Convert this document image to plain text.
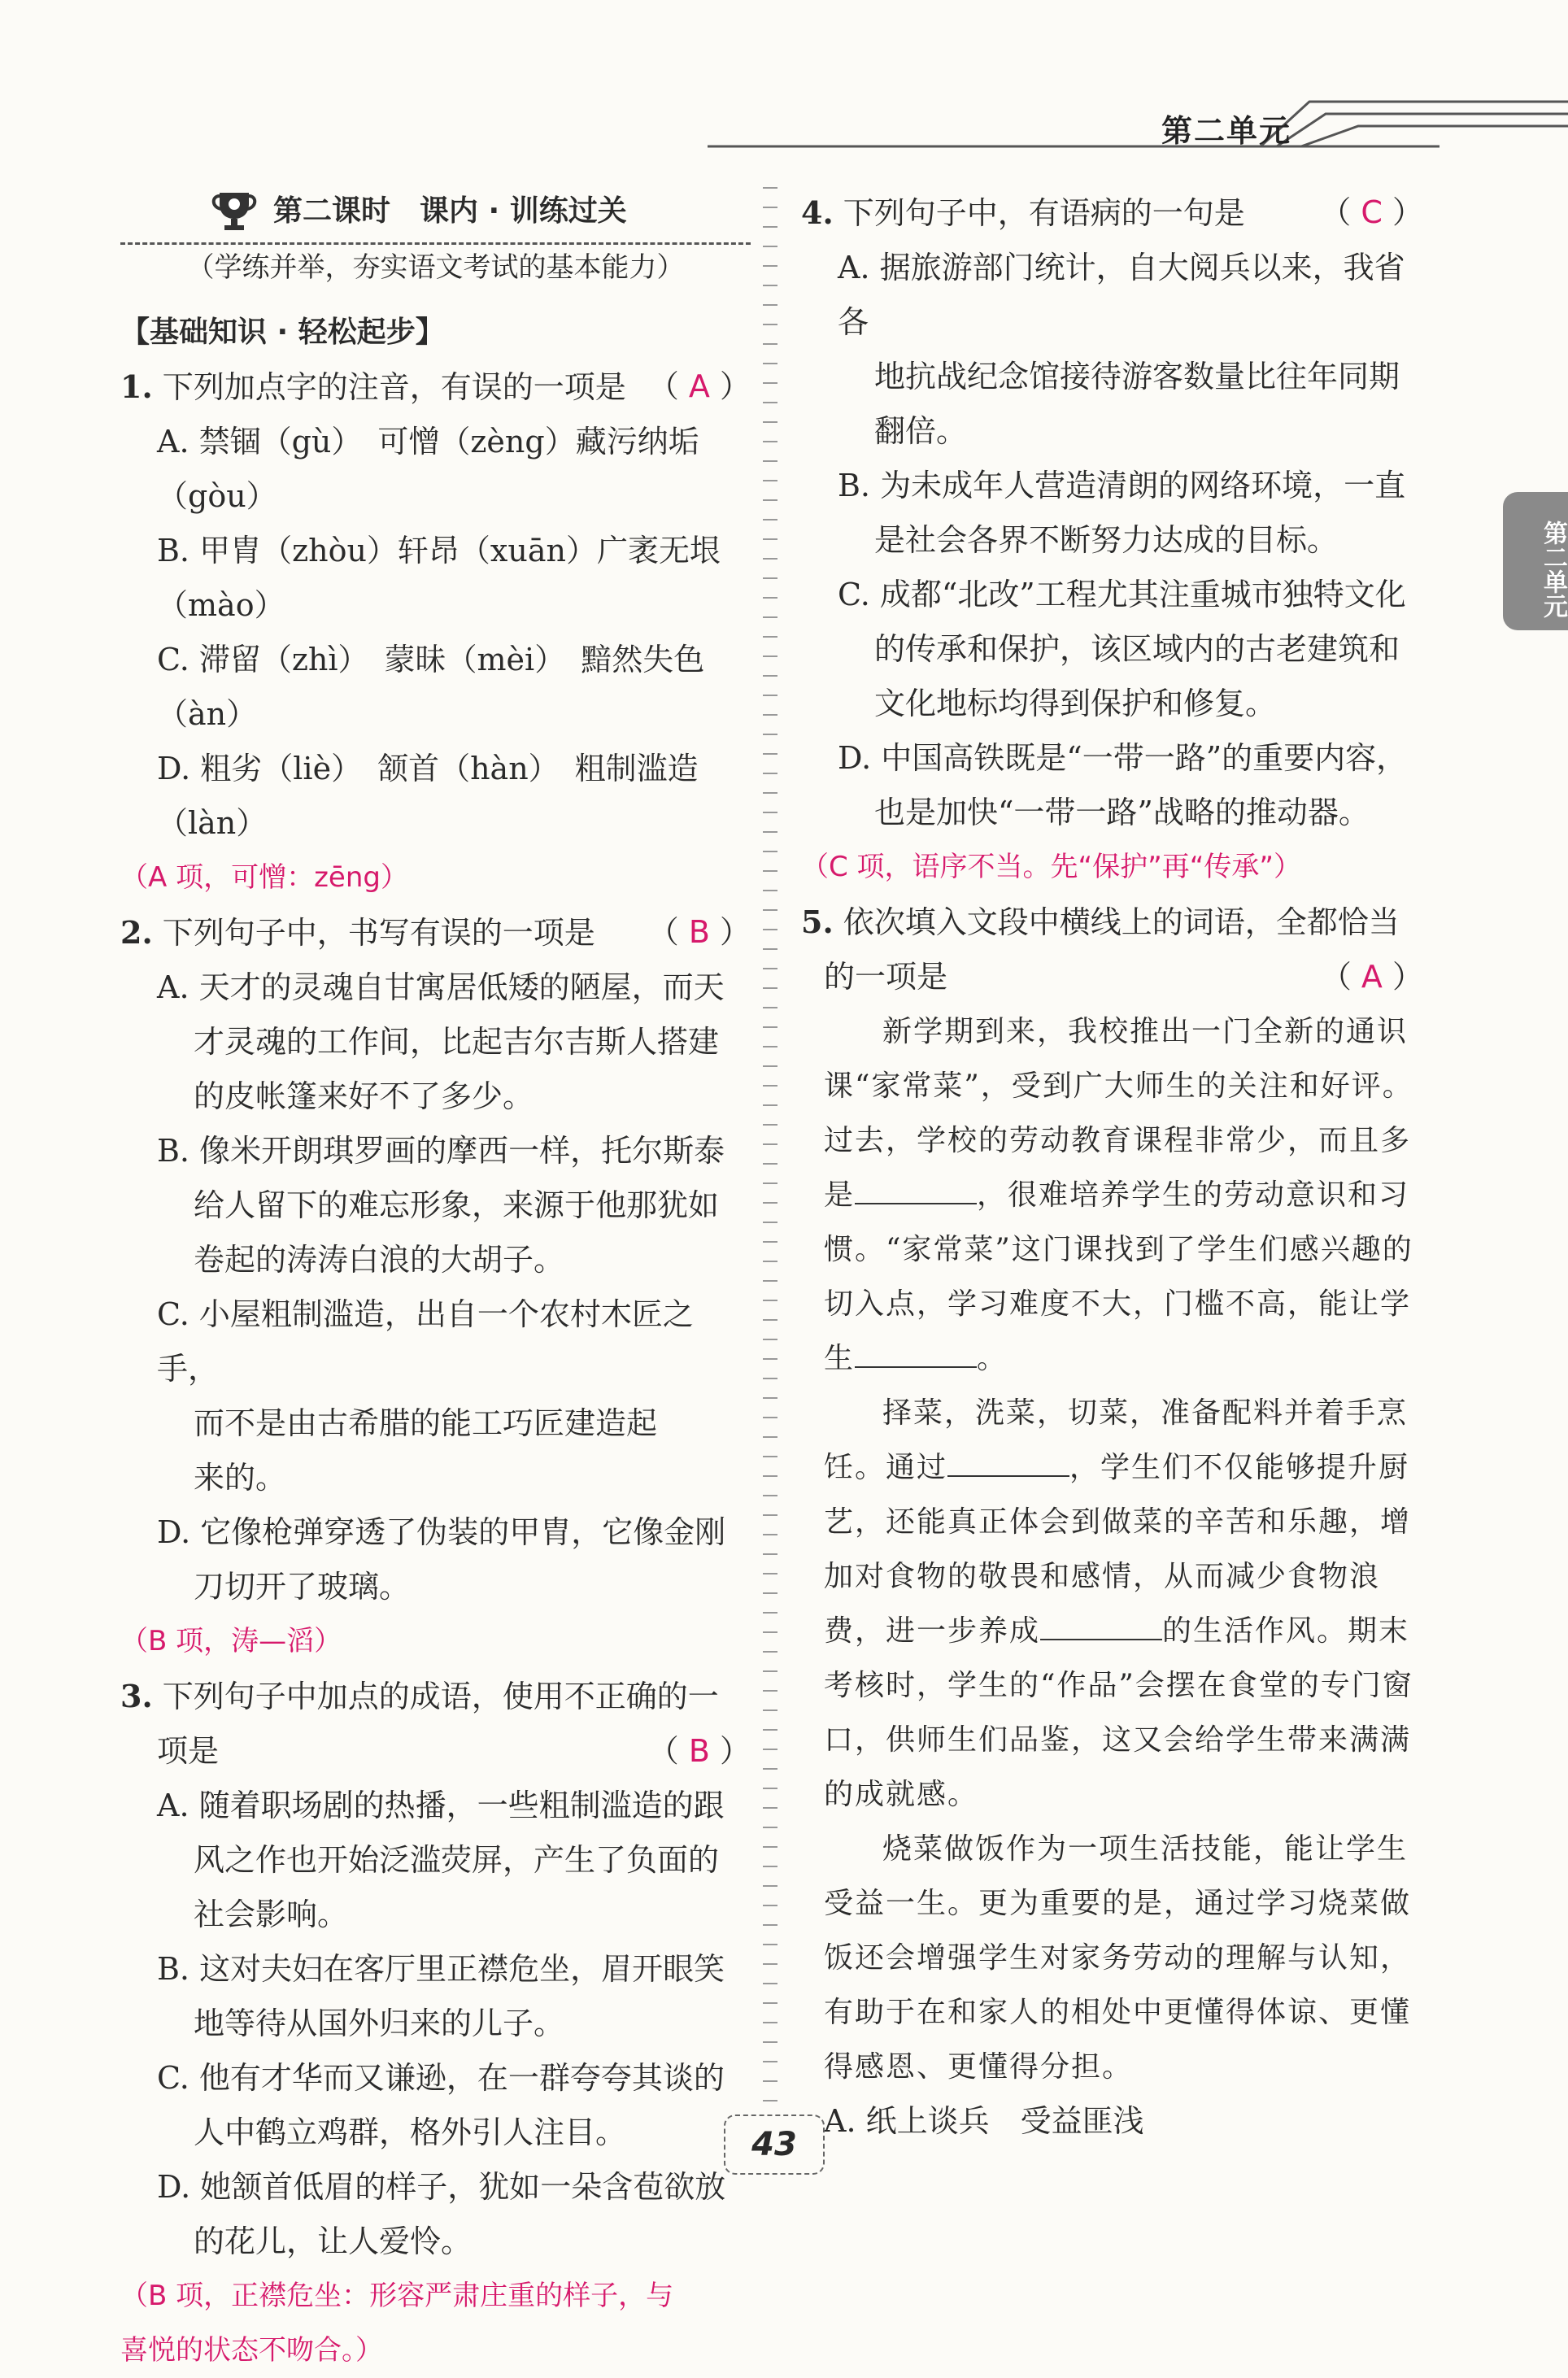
第二单元
第二单元
第二课时　课内 · 训练过关
（学练并举，夯实语文考试的基本能力）
【基础知识 · 轻松起步】
1. 下列加点字的注音，有误的一项是 （ A ）
A. 禁锢（gù）　可憎（zèng）藏污纳垢（gòu）
B. 甲胄（zhòu）轩昂（xuān）广袤无垠（mào）
C. 滞留（zhì）　蒙昧（mèi）　黯然失色（àn）
D. 粗劣（liè）　颔首（hàn）　粗制滥造（làn）
（A 项，可憎：zēng）
2. 下列句子中，书写有误的一项是 （ B ）
A. 天才的灵魂自甘寓居低矮的陋屋，而天
才灵魂的工作间，比起吉尔吉斯人搭建
的皮帐篷来好不了多少。
B. 像米开朗琪罗画的摩西一样，托尔斯泰
给人留下的难忘形象，来源于他那犹如
卷起的涛涛白浪的大胡子。
C. 小屋粗制滥造，出自一个农村木匠之手，
而不是由古希腊的能工巧匠建造起
来的。
D. 它像枪弹穿透了伪装的甲胄，它像金刚
刀切开了玻璃。
（B 项，涛—滔）
3. 下列句子中加点的成语，使用不正确的一
项是	（ B ）
A. 随着职场剧的热播，一些粗制滥造的跟
风之作也开始泛滥荧屏，产生了负面的
社会影响。
B. 这对夫妇在客厅里正襟危坐，眉开眼笑
地等待从国外归来的儿子。
C. 他有才华而又谦逊，在一群夸夸其谈的
人中鹤立鸡群，格外引人注目。
D. 她颔首低眉的样子，犹如一朵含苞欲放
的花儿，让人爱怜。
（B 项，正襟危坐：形容严肃庄重的样子，与
喜悦的状态不吻合。）
4. 下列句子中，有语病的一句是 （ C ）
A. 据旅游部门统计，自大阅兵以来，我省各
地抗战纪念馆接待游客数量比往年同期
翻倍。
B. 为未成年人营造清朗的网络环境，一直
是社会各界不断努力达成的目标。
C. 成都“北改”工程尤其注重城市独特文化
的传承和保护，该区域内的古老建筑和
文化地标均得到保护和修复。
D. 中国高铁既是“一带一路”的重要内容，
也是加快“一带一路”战略的推动器。
（C 项，语序不当。先“保护”再“传承”）
5. 依次填入文段中横线上的词语，全都恰当
的一项是	（ A ）
新学期到来，我校推出一门全新的通识课“家常菜”，受到广大师生的关注和好评。过去，学校的劳动教育课程非常少，而且多是	，很难培养学生的劳动意识和习惯。“家常菜”这门课找到了学生们感兴趣的切入点，学习难度不大，门槛不高，能让学生	。
择菜，洗菜，切菜，准备配料并着手烹饪。通过	，学生们不仅能够提升厨艺，还能真正体会到做菜的辛苦和乐趣，增加对食物的敬畏和感情，从而减少食物浪费，进一步养成	的生活作风。期末考核时，学生的“作品”会摆在食堂的专门窗口，供师生们品鉴，这又会给学生带来满满的成就感。
烧菜做饭作为一项生活技能，能让学生受益一生。更为重要的是，通过学习烧菜做饭还会增强学生对家务劳动的理解与认知，有助于在和家人的相处中更懂得体谅、更懂得感恩、更懂得分担。
A. 纸上谈兵　受益匪浅
43
